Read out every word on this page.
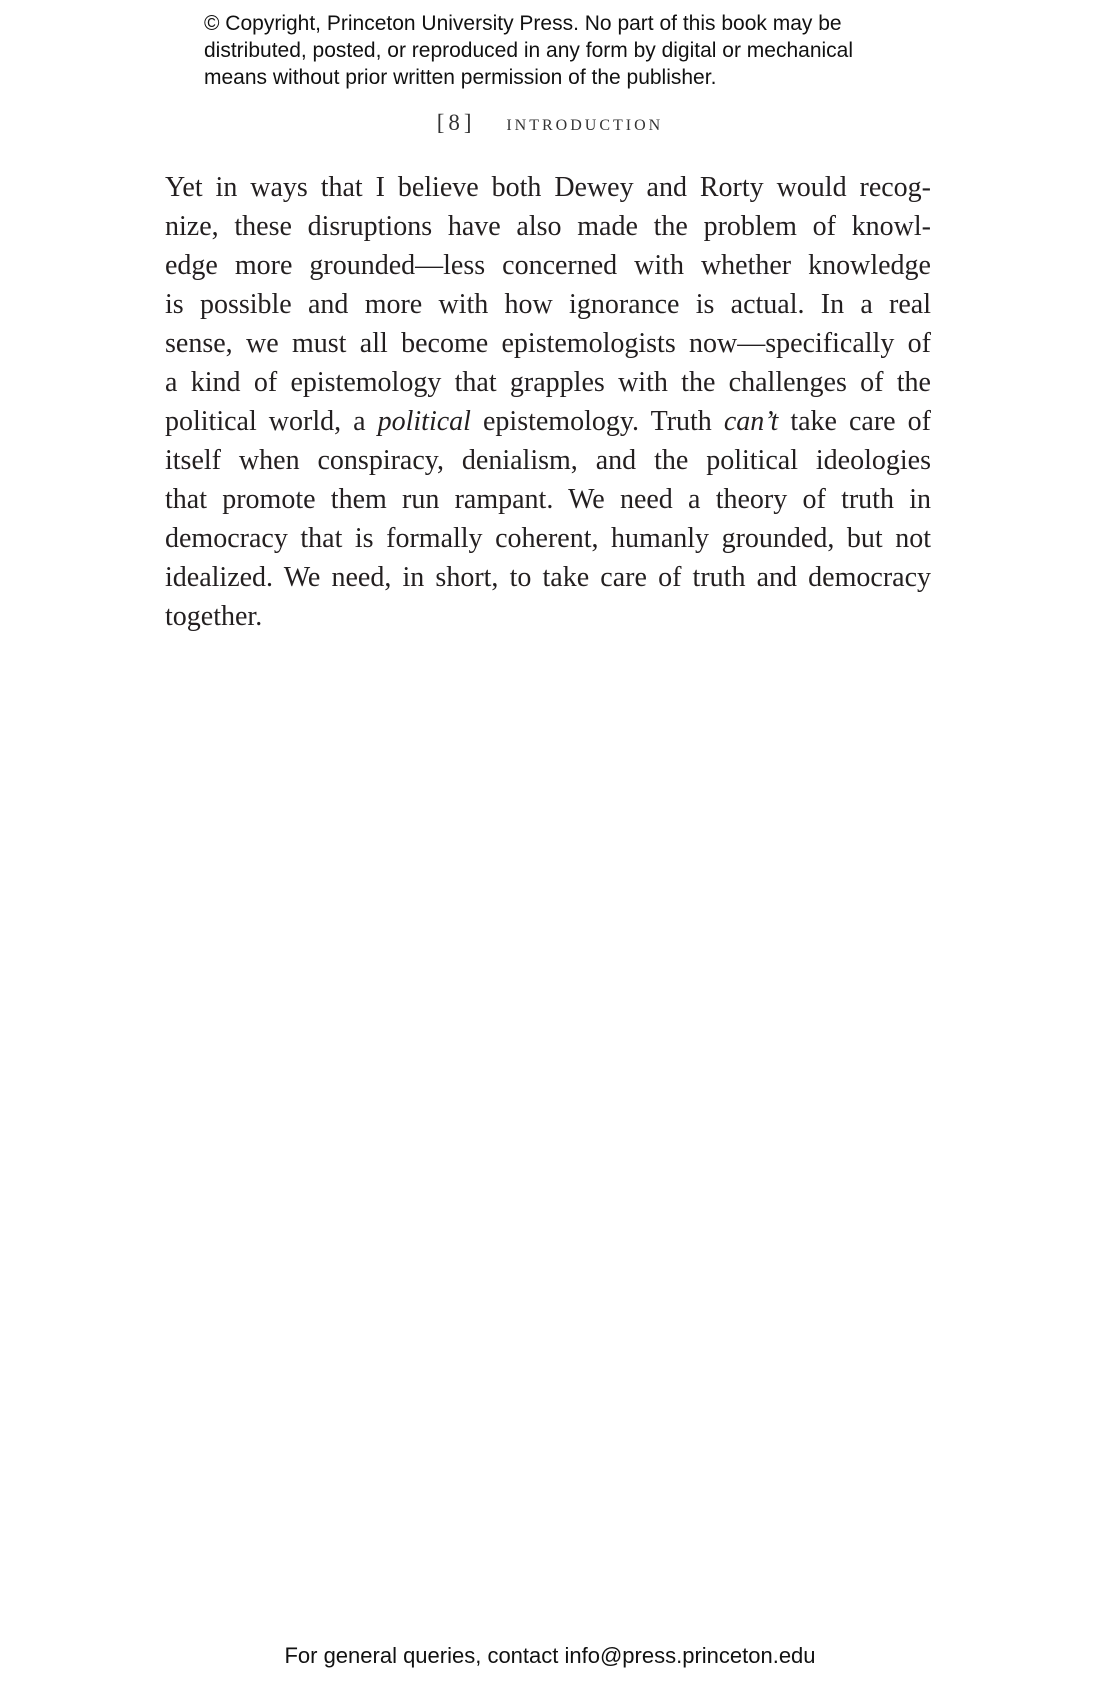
© Copyright, Princeton University Press. No part of this book may be
distributed, posted, or reproduced in any form by digital or mechanical
means without prior written permission of the publisher.
[8] introduction
Yet in ways that I believe both Dewey and Rorty would recog-
nize, these disruptions have also made the problem of knowl-
edge more grounded—less concerned with whether knowledge
is possible and more with how ignorance is actual. In a real
sense, we must all become epistemologists now—specifically of
a kind of epistemology that grapples with the challenges of the
political world, a political epistemology. Truth can’t take care of
itself when conspiracy, denialism, and the political ideologies
that promote them run rampant. We need a theory of truth in
democracy that is formally coherent, humanly grounded, but not
idealized. We need, in short, to take care of truth and democracy
together.
For general queries, contact info@press.princeton.edu
